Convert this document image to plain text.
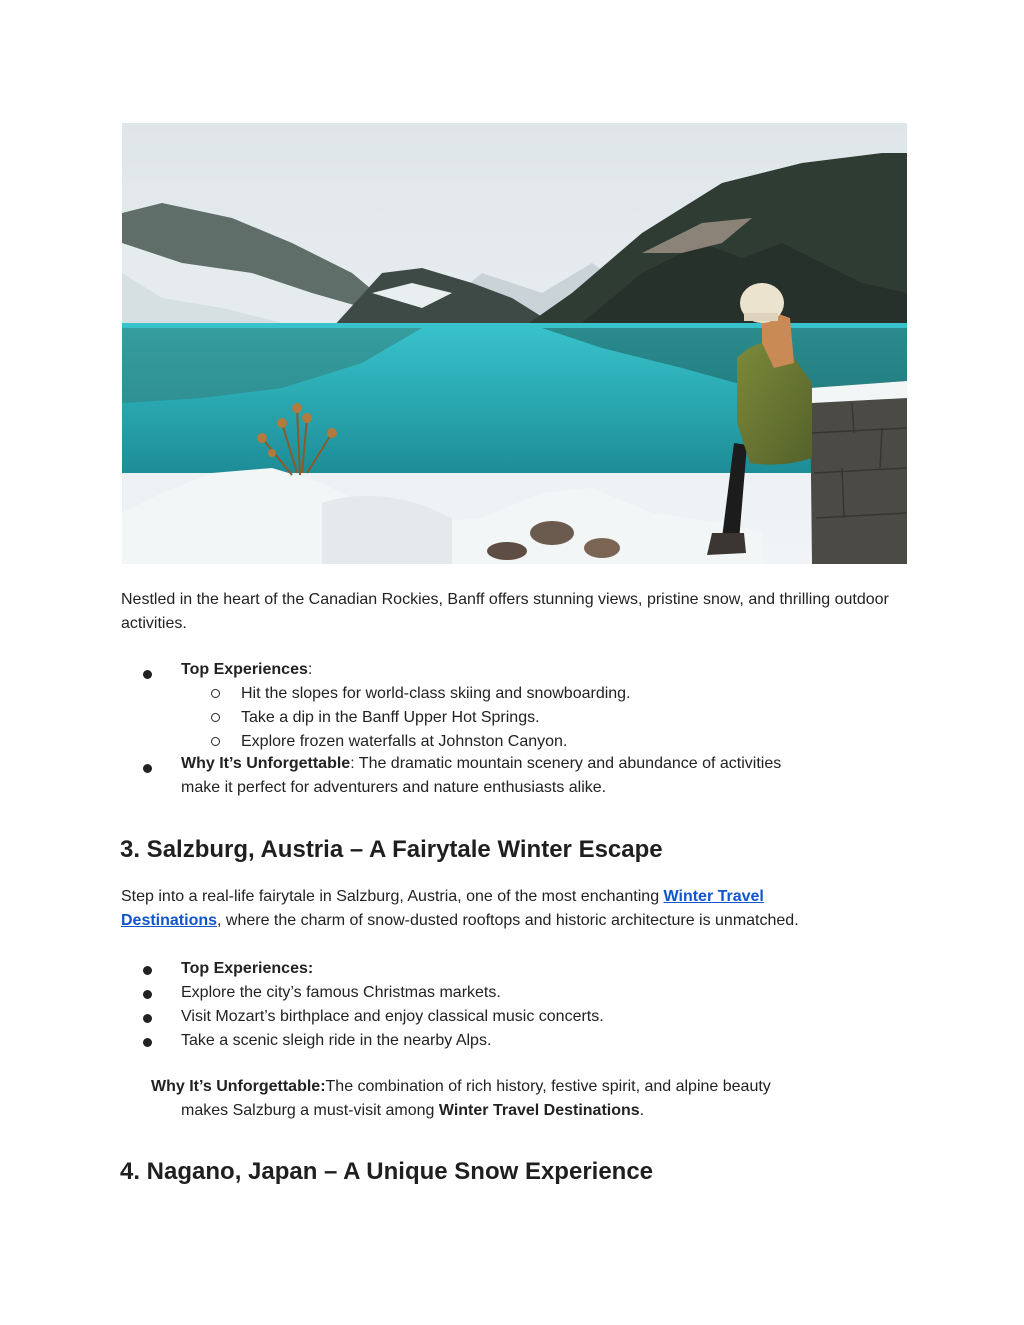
Nestled in the heart of the Canadian Rockies, Banff offers stunning views, pristine snow, and thrilling outdoor activities.

Top Experiences:
Hit the slopes for world-class skiing and snowboarding.
Take a dip in the Banff Upper Hot Springs.
Explore frozen waterfalls at Johnston Canyon.
Why It’s Unforgettable: The dramatic mountain scenery and abundance of activities
make it perfect for adventurers and nature enthusiasts alike.
3. Salzburg, Austria – A Fairytale Winter Escape

Step into a real-life fairytale in Salzburg, Austria, one of the most enchanting Winter Travel
Destinations, where the charm of snow-dusted rooftops and historic architecture is unmatched.

Top Experiences:
Explore the city’s famous Christmas markets.
Visit Mozart’s birthplace and enjoy classical music concerts.
Take a scenic sleigh ride in the nearby Alps.
Why It’s Unforgettable:The combination of rich history, festive spirit, and alpine beauty
makes Salzburg a must-visit among Winter Travel Destinations.
4. Nagano, Japan – A Unique Snow Experience
